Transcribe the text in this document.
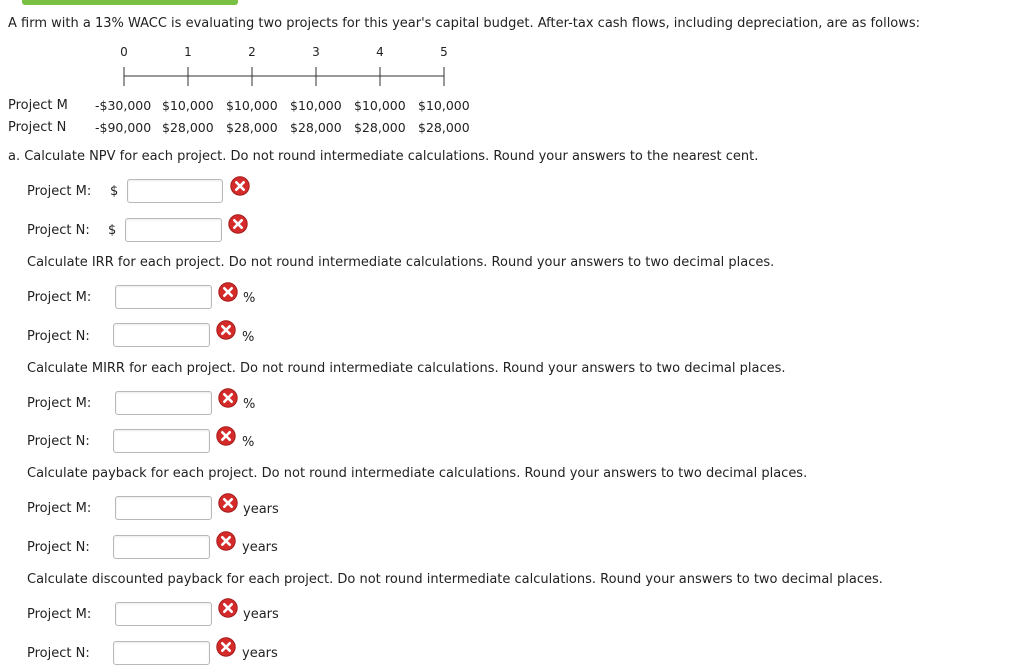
A firm with a 13% WACC is evaluating two projects for this year's capital budget. After-tax cash flows, including depreciation, are as follows:
0	1	2	3	4	5
Project M -$30,000 $10,000 $10,000 $10,000 $10,000 $10,000
Project N -$90,000 $28,000 $28,000 $28,000 $28,000 $28,000
a. Calculate NPV for each project. Do not round intermediate calculations. Round your answers to the nearest cent.
Project M: $
Project N: $
Calculate IRR for each project. Do not round intermediate calculations. Round your answers to two decimal places.
Project M:	%
Project N:	%
Calculate MIRR for each project. Do not round intermediate calculations. Round your answers to two decimal places.
Project M:	%
Project N:	%
Calculate payback for each project. Do not round intermediate calculations. Round your answers to two decimal places.
Project M:	years
Project N:	years
Calculate discounted payback for each project. Do not round intermediate calculations. Round your answers to two decimal places.
Project M:	years
Project N:	years
